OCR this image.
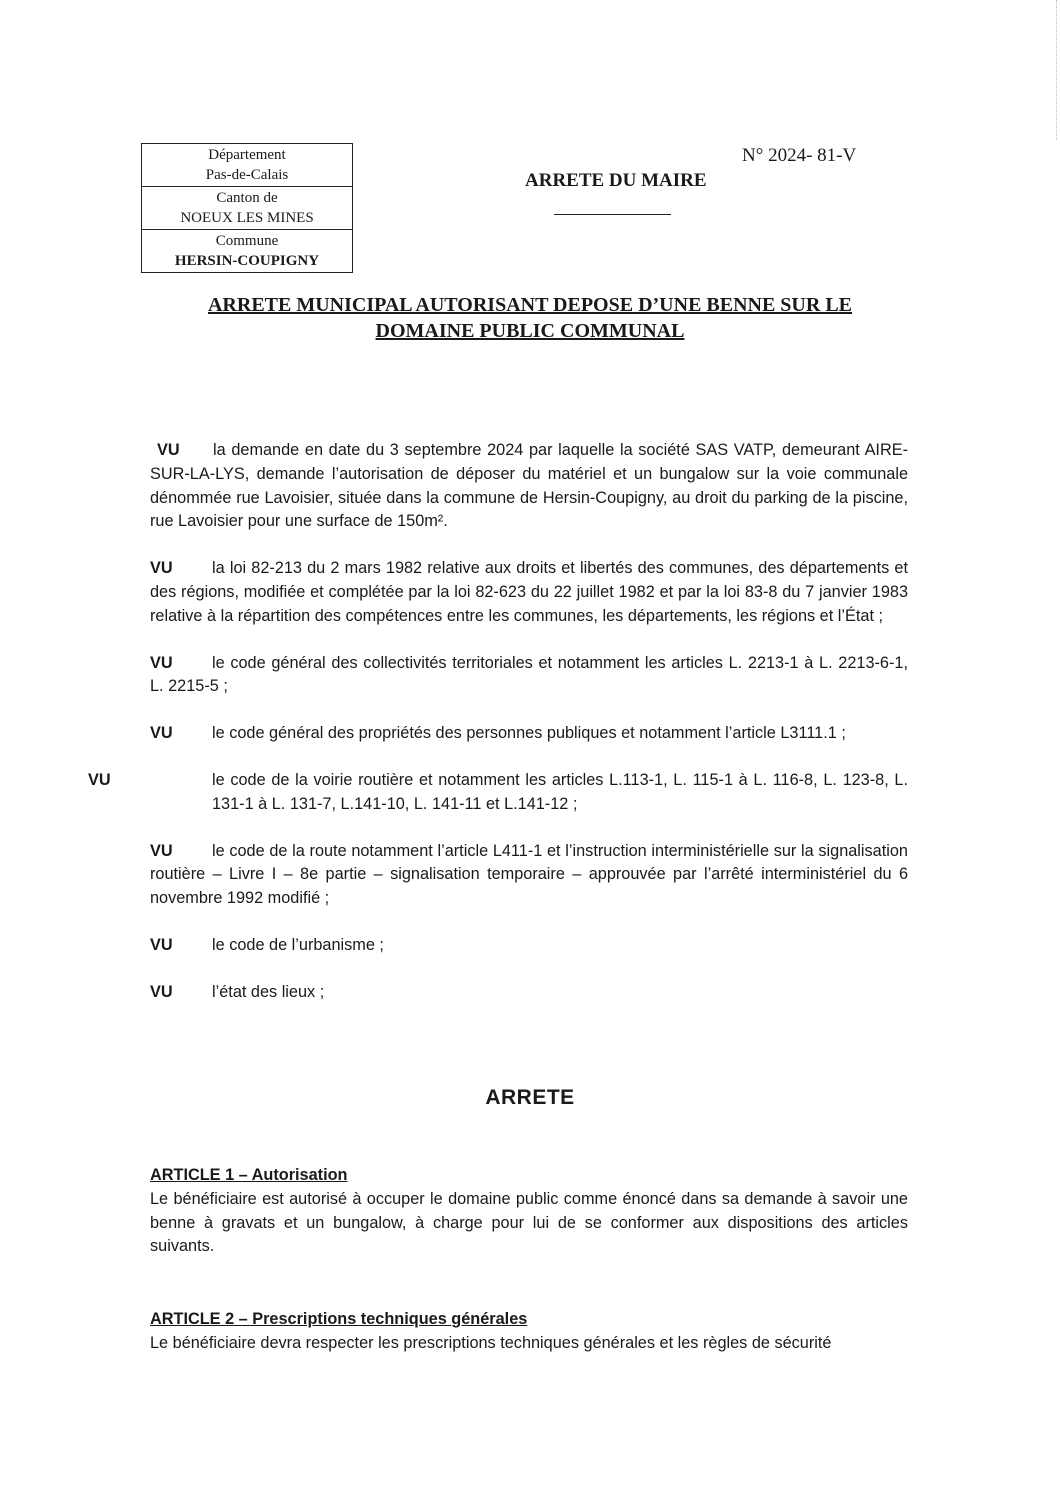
Département
Pas-de-Calais
Canton de
NOEUX LES MINES
Commune
HERSIN-COUPIGNY
N° 2024- 81-V
ARRETE DU MAIRE
ARRETE MUNICIPAL AUTORISANT DEPOSE D’UNE BENNE SUR LE
DOMAINE PUBLIC COMMUNAL
VU la demande en date du 3 septembre 2024 par laquelle la société SAS VATP, demeurant AIRE-SUR-LA-LYS, demande l’autorisation de déposer du matériel et un bungalow sur la voie communale dénommée rue Lavoisier, située dans la commune de Hersin-Coupigny, au droit du parking de la piscine, rue Lavoisier pour une surface de 150m².
VU la loi 82-213 du 2 mars 1982 relative aux droits et libertés des communes, des départements et des régions, modifiée et complétée par la loi 82-623 du 22 juillet 1982 et par la loi 83-8 du 7 janvier 1983 relative à la répartition des compétences entre les communes, les départements, les régions et l’État ;
VU le code général des collectivités territoriales et notamment les articles L. 2213-1 à L. 2213-6-1, L. 2215-5 ;
VU le code général des propriétés des personnes publiques et notamment l’article L3111.1 ;
VU	le code de la voirie routière et notamment les articles L.113-1, L. 115-1 à L. 116-8, L. 123-8, L. 131-1 à L. 131-7, L.141-10, L. 141-11 et L.141-12 ;
VU le code de la route notamment l’article L411-1 et l’instruction interministérielle sur la signalisation routière – Livre I – 8e partie – signalisation temporaire – approuvée par l’arrêté interministériel du 6 novembre 1992 modifié ;
VU le code de l’urbanisme ;
VU l’état des lieux ;
ARRETE
ARTICLE 1 – Autorisation
Le bénéficiaire est autorisé à occuper le domaine public comme énoncé dans sa demande à savoir une benne à gravats et un bungalow, à charge pour lui de se conformer aux dispositions des articles suivants.
ARTICLE 2 – Prescriptions techniques générales
Le bénéficiaire devra respecter les prescriptions techniques générales et les règles de sécurité
